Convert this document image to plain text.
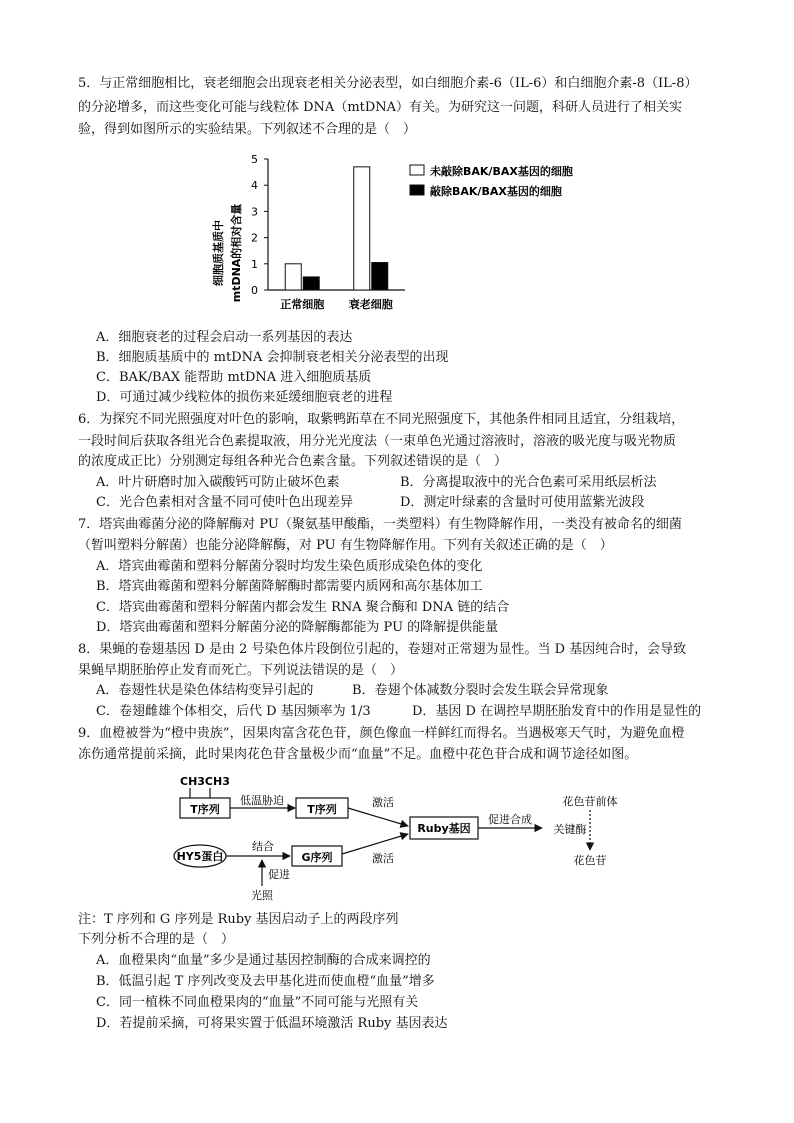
5．与正常细胞相比，衰老细胞会出现衰老相关分泌表型，如白细胞介素-6（IL-6）和白细胞介素-8（IL-8）
的分泌增多，而这些变化可能与线粒体 DNA（mtDNA）有关。为研究这一问题，科研人员进行了相关实
验，得到如图所示的实验结果。下列叙述不合理的是（　）
细胞质基质中 mtDNA的相对含量 0
1
2
3
4
5
正常细胞 衰老细胞
未敲除BAK/BAX基因的细胞
敲除BAK/BAX基因的细胞
A．细胞衰老的过程会启动一系列基因的表达
B．细胞质基质中的 mtDNA 会抑制衰老相关分泌表型的出现
C．BAK/BAX 能帮助 mtDNA 进入细胞质基质
D．可通过减少线粒体的损伤来延缓细胞衰老的进程
6．为探究不同光照强度对叶色的影响，取紫鸭跖草在不同光照强度下，其他条件相同且适宜，分组栽培，
一段时间后获取各组光合色素提取液，用分光光度法（一束单色光通过溶液时，溶液的吸光度与吸光物质
的浓度成正比）分别测定每组各种光合色素含量。下列叙述错误的是（　）
A．叶片研磨时加入碳酸钙可防止破坏色素	B．分离提取液中的光合色素可采用纸层析法
C．光合色素相对含量不同可使叶色出现差异	D．测定叶绿素的含量时可使用蓝紫光波段
7．塔宾曲霉菌分泌的降解酶对 PU（聚氨基甲酸酯，一类塑料）有生物降解作用，一类没有被命名的细菌
（暂叫塑料分解菌）也能分泌降解酶，对 PU 有生物降解作用。下列有关叙述正确的是（　）
A．塔宾曲霉菌和塑料分解菌分裂时均发生染色质形成染色体的变化
B．塔宾曲霉菌和塑料分解菌降解酶时都需要内质网和高尔基体加工
C．塔宾曲霉菌和塑料分解菌内都会发生 RNA 聚合酶和 DNA 链的结合
D．塔宾曲霉菌和塑料分解菌分泌的降解酶都能为 PU 的降解提供能量
8．果蝇的卷翅基因 D 是由 2 号染色体片段倒位引起的，卷翅对正常翅为显性。当 D 基因纯合时，会导致
果蝇早期胚胎停止发育而死亡。下列说法错误的是（　）
A．卷翅性状是染色体结构变异引起的	B．卷翅个体减数分裂时会发生联会异常现象
C．卷翅雌雄个体相交，后代 D 基因频率为 1/3	D．基因 D 在调控早期胚胎发育中的作用是显性的
9．血橙被誉为“橙中贵族”，因果肉富含花色苷，颜色像血一样鲜红而得名。当遇极寒天气时，为避免血橙
冻伤通常提前采摘，此时果肉花色苷含量极少而“血量”不足。血橙中花色苷合成和调节途径如图。
CH3CH3
T序列
低温胁迫
T序列
激活
Ruby基因
促进合成
关键酶
花色苷前体
花色苷
HY5蛋白
结合
G序列	激活
促进
光照
注：T 序列和 G 序列是 Ruby 基因启动子上的两段序列
下列分析不合理的是（　）
A．血橙果肉“血量”多少是通过基因控制酶的合成来调控的
B．低温引起 T 序列改变及去甲基化进而使血橙“血量”增多
C．同一植株不同血橙果肉的“血量”不同可能与光照有关
D．若提前采摘，可将果实置于低温环境激活 Ruby 基因表达
